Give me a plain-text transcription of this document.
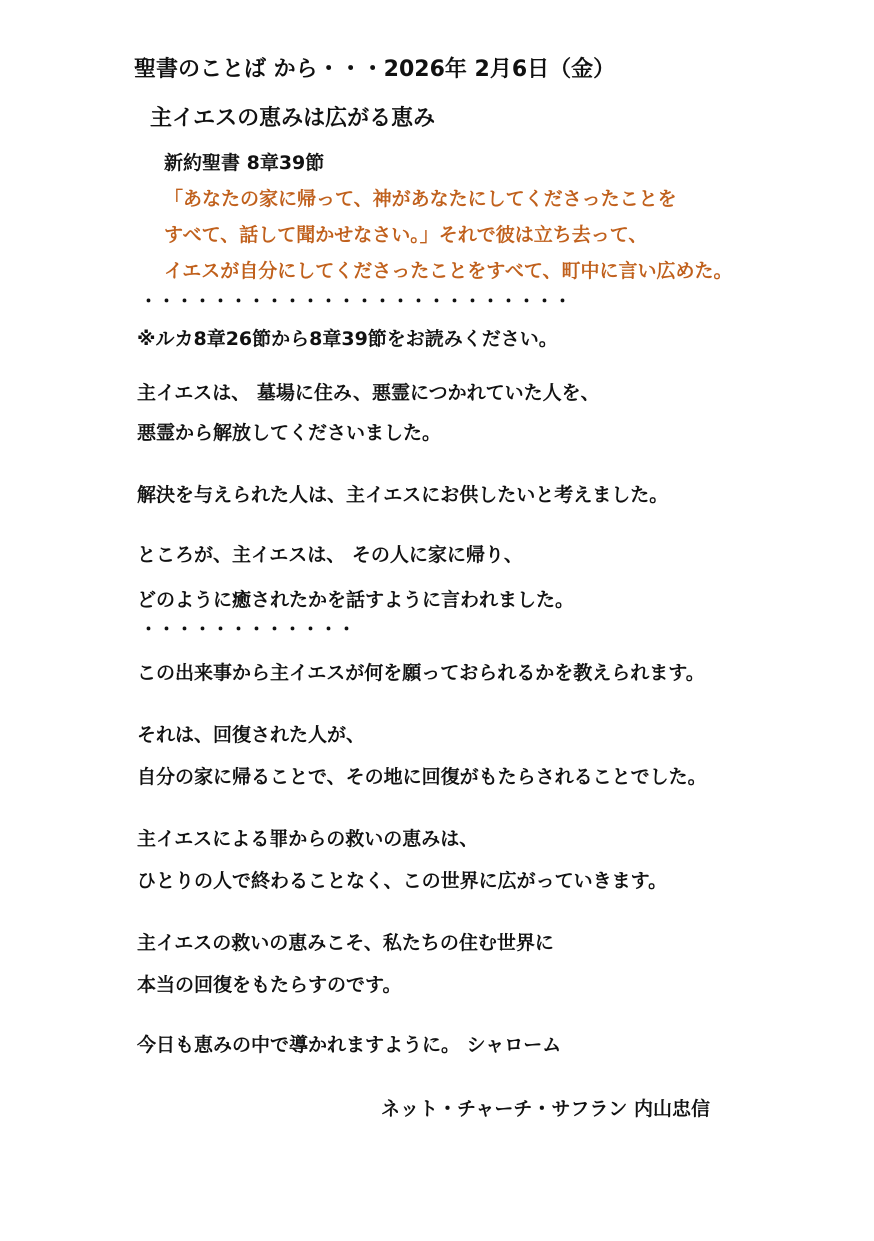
聖書のことば から・・・2026年 2月6日（金）
主イエスの恵みは広がる恵み
新約聖書 8章39節
「あなたの家に帰って、神があなたにしてくださったことを
すべて、話して聞かせなさい。」それで彼は立ち去って、
イエスが自分にしてくださったことをすべて、町中に言い広めた。
・・・・・・・・・・・・・・・・・・・・・・・・
※ルカ8章26節から8章39節をお読みください。
主イエスは、 墓場に住み、悪霊につかれていた人を、
悪霊から解放してくださいました。
解決を与えられた人は、主イエスにお供したいと考えました。
ところが、主イエスは、 その人に家に帰り、
どのように癒されたかを話すように言われました。
・・・・・・・・・・・・
この出来事から主イエスが何を願っておられるかを教えられます。
それは、回復された人が、
自分の家に帰ることで、その地に回復がもたらされることでした。
主イエスによる罪からの救いの恵みは、
ひとりの人で終わることなく、この世界に広がっていきます。
主イエスの救いの恵みこそ、私たちの住む世界に
本当の回復をもたらすのです。
今日も恵みの中で導かれますように。 シャローム
ネット・チャーチ・サフラン 内山忠信
